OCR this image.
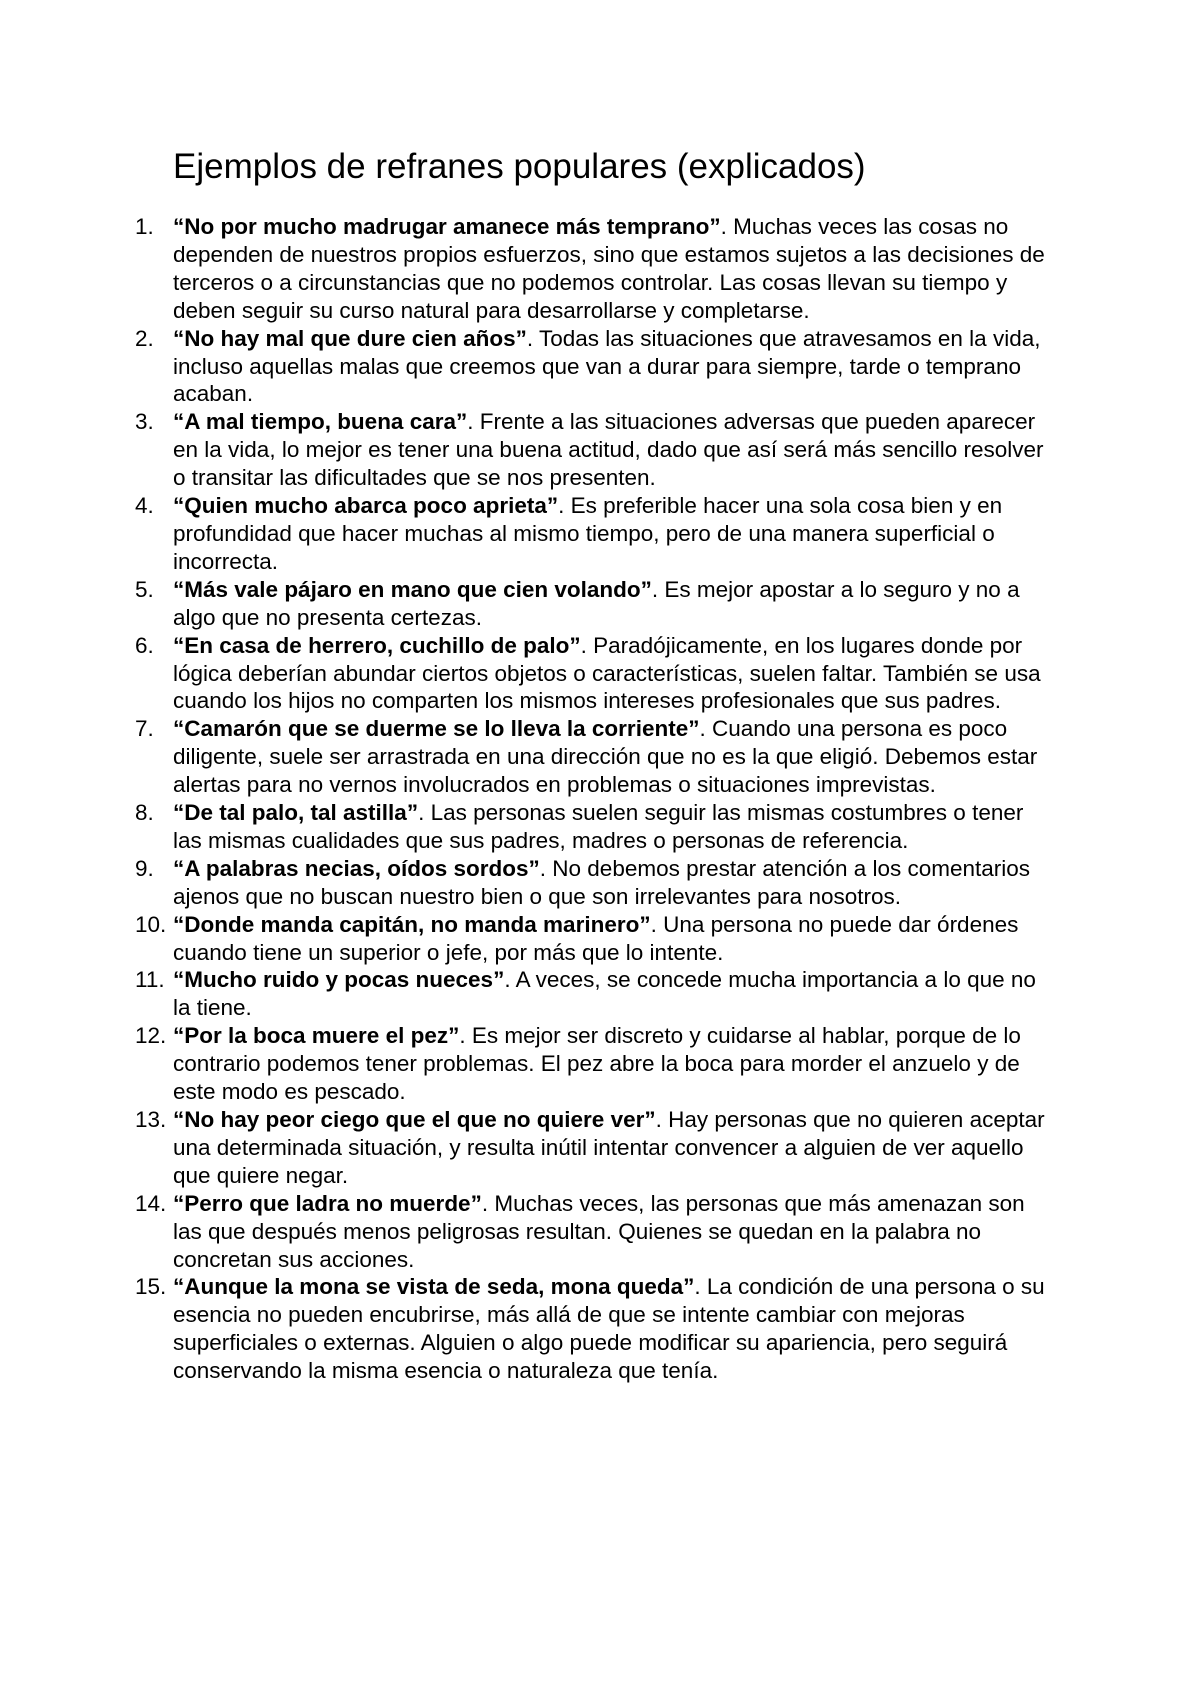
Ejemplos de refranes populares (explicados)
1. “No por mucho madrugar amanece más temprano”. Muchas veces las cosas no dependen de nuestros propios esfuerzos, sino que estamos sujetos a las decisiones de terceros o a circunstancias que no podemos controlar. Las cosas llevan su tiempo y deben seguir su curso natural para desarrollarse y completarse.
2. “No hay mal que dure cien años”. Todas las situaciones que atravesamos en la vida, incluso aquellas malas que creemos que van a durar para siempre, tarde o temprano acaban.
3. “A mal tiempo, buena cara”. Frente a las situaciones adversas que pueden aparecer en la vida, lo mejor es tener una buena actitud, dado que así será más sencillo resolver o transitar las dificultades que se nos presenten.
4. “Quien mucho abarca poco aprieta”. Es preferible hacer una sola cosa bien y en profundidad que hacer muchas al mismo tiempo, pero de una manera superficial o incorrecta.
5. “Más vale pájaro en mano que cien volando”. Es mejor apostar a lo seguro y no a algo que no presenta certezas.
6. “En casa de herrero, cuchillo de palo”. Paradójicamente, en los lugares donde por lógica deberían abundar ciertos objetos o características, suelen faltar. También se usa cuando los hijos no comparten los mismos intereses profesionales que sus padres.
7. “Camarón que se duerme se lo lleva la corriente”. Cuando una persona es poco diligente, suele ser arrastrada en una dirección que no es la que eligió. Debemos estar alertas para no vernos involucrados en problemas o situaciones imprevistas.
8. “De tal palo, tal astilla”. Las personas suelen seguir las mismas costumbres o tener las mismas cualidades que sus padres, madres o personas de referencia.
9. “A palabras necias, oídos sordos”. No debemos prestar atención a los comentarios ajenos que no buscan nuestro bien o que son irrelevantes para nosotros.
10. “Donde manda capitán, no manda marinero”. Una persona no puede dar órdenes cuando tiene un superior o jefe, por más que lo intente.
11. “Mucho ruido y pocas nueces”. A veces, se concede mucha importancia a lo que no la tiene.
12. “Por la boca muere el pez”. Es mejor ser discreto y cuidarse al hablar, porque de lo contrario podemos tener problemas. El pez abre la boca para morder el anzuelo y de este modo es pescado.
13. “No hay peor ciego que el que no quiere ver”. Hay personas que no quieren aceptar una determinada situación, y resulta inútil intentar convencer a alguien de ver aquello que quiere negar.
14. “Perro que ladra no muerde”. Muchas veces, las personas que más amenazan son las que después menos peligrosas resultan. Quienes se quedan en la palabra no concretan sus acciones.
15. “Aunque la mona se vista de seda, mona queda”. La condición de una persona o su esencia no pueden encubrirse, más allá de que se intente cambiar con mejoras superficiales o externas. Alguien o algo puede modificar su apariencia, pero seguirá conservando la misma esencia o naturaleza que tenía.
